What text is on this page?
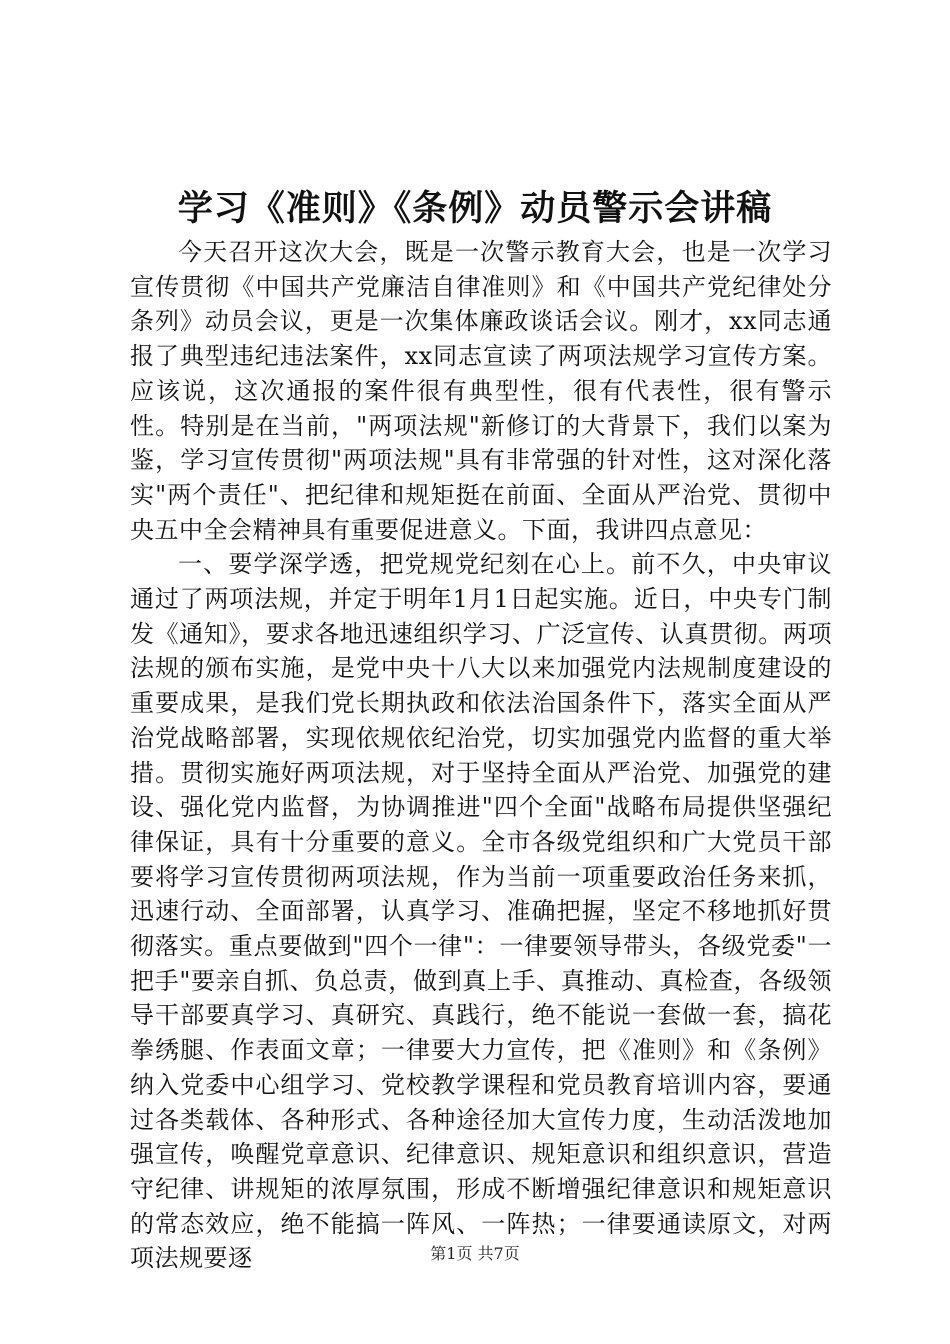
学习《准则》《条例》动员警示会讲稿

今天召开这次大会，既是一次警示教育大会，也是一次学习宣传贯彻《中国共产党廉洁自律准则》和《中国共产党纪律处分条列》动员会议，更是一次集体廉政谈话会议。刚才，xx同志通报了典型违纪违法案件，xx同志宣读了两项法规学习宣传方案。应该说，这次通报的案件很有典型性，很有代表性，很有警示性。特别是在当前，"两项法规"新修订的大背景下，我们以案为鉴，学习宣传贯彻"两项法规"具有非常强的针对性，这对深化落实"两个责任"、把纪律和规矩挺在前面、全面从严治党、贯彻中央五中全会精神具有重要促进意义。下面，我讲四点意见：

一、要学深学透，把党规党纪刻在心上。前不久，中央审议通过了两项法规，并定于明年1月1日起实施。近日，中央专门制发《通知》，要求各地迅速组织学习、广泛宣传、认真贯彻。两项法规的颁布实施，是党中央十八大以来加强党内法规制度建设的重要成果，是我们党长期执政和依法治国条件下，落实全面从严治党战略部署，实现依规依纪治党，切实加强党内监督的重大举措。贯彻实施好两项法规，对于坚持全面从严治党、加强党的建设、强化党内监督，为协调推进"四个全面"战略布局提供坚强纪律保证，具有十分重要的意义。全市各级党组织和广大党员干部要将学习宣传贯彻两项法规，作为当前一项重要政治任务来抓，迅速行动、全面部署，认真学习、准确把握，坚定不移地抓好贯彻落实。重点要做到"四个一律"：一律要领导带头，各级党委"一把手"要亲自抓、负总责，做到真上手、真推动、真检查，各级领导干部要真学习、真研究、真践行，绝不能说一套做一套，搞花拳绣腿、作表面文章；一律要大力宣传，把《准则》和《条例》纳入党委中心组学习、党校教学课程和党员教育培训内容，要通过各类载体、各种形式、各种途径加大宣传力度，生动活泼地加强宣传，唤醒党章意识、纪律意识、规矩意识和组织意识，营造守纪律、讲规矩的浓厚氛围，形成不断增强纪律意识和规矩意识的常态效应，绝不能搞一阵风、一阵热；一律要通读原文，对两项法规要逐	第1页 共7页
